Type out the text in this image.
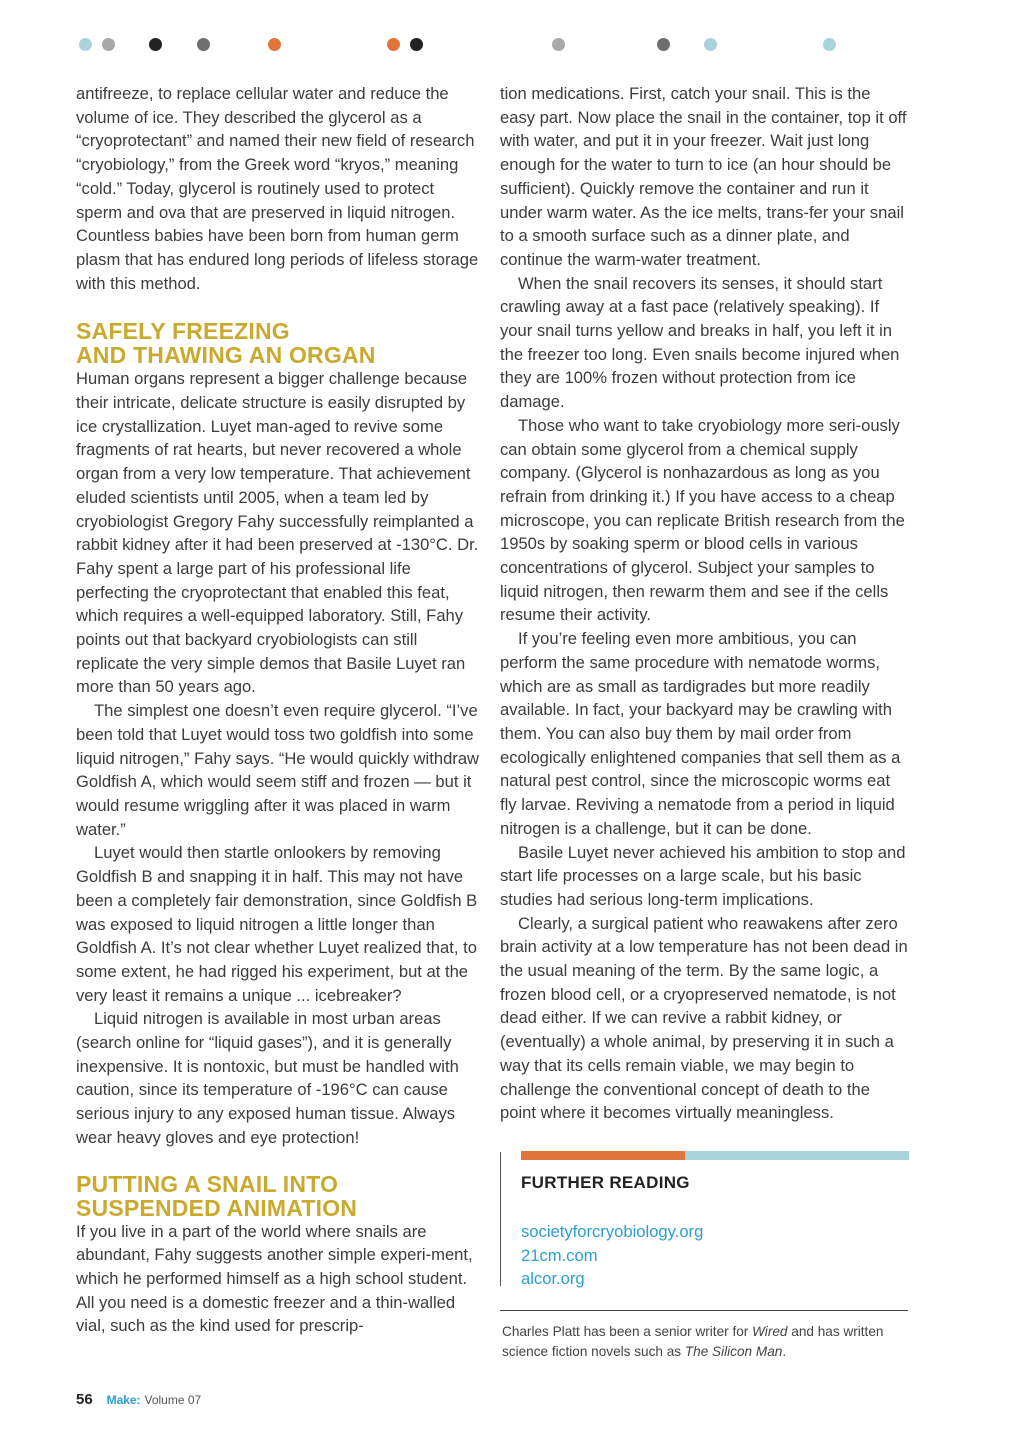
antifreeze, to replace cellular water and reduce the volume of ice. They described the glycerol as a “cryoprotectant” and named their new field of research “cryobiology,” from the Greek word “kryos,” meaning “cold.” Today, glycerol is routinely used to protect sperm and ova that are preserved in liquid nitrogen. Countless babies have been born from human germ plasm that has endured long periods of lifeless storage with this method.

SAFELY FREEZING
AND THAWING AN ORGAN

Human organs represent a bigger challenge because their intricate, delicate structure is easily disrupted by ice crystallization. Luyet man-aged to revive some fragments of rat hearts, but never recovered a whole organ from a very low temperature. That achievement eluded scientists until 2005, when a team led by cryobiologist Gregory Fahy successfully reimplanted a rabbit kidney after it had been preserved at -130°C. Dr. Fahy spent a large part of his professional life perfecting the cryoprotectant that enabled this feat, which requires a well-equipped laboratory. Still, Fahy points out that backyard cryobiologists can still replicate the very simple demos that Basile Luyet ran more than 50 years ago.

The simplest one doesn’t even require glycerol. “I’ve been told that Luyet would toss two goldfish into some liquid nitrogen,” Fahy says. “He would quickly withdraw Goldfish A, which would seem stiff and frozen — but it would resume wriggling after it was placed in warm water.”

Luyet would then startle onlookers by removing Goldfish B and snapping it in half. This may not have been a completely fair demonstration, since Goldfish B was exposed to liquid nitrogen a little longer than Goldfish A. It’s not clear whether Luyet realized that, to some extent, he had rigged his experiment, but at the very least it remains a unique ... icebreaker?

Liquid nitrogen is available in most urban areas (search online for “liquid gases”), and it is generally inexpensive. It is nontoxic, but must be handled with caution, since its temperature of -196°C can cause serious injury to any exposed human tissue. Always wear heavy gloves and eye protection!

PUTTING A SNAIL INTO
SUSPENDED ANIMATION

If you live in a part of the world where snails are abundant, Fahy suggests another simple experi-ment, which he performed himself as a high school student. All you need is a domestic freezer and a thin-walled vial, such as the kind used for prescrip-

tion medications. First, catch your snail. This is the easy part. Now place the snail in the container, top it off with water, and put it in your freezer. Wait just long enough for the water to turn to ice (an hour should be sufficient). Quickly remove the container and run it under warm water. As the ice melts, trans-fer your snail to a smooth surface such as a dinner plate, and continue the warm-water treatment.

When the snail recovers its senses, it should start crawling away at a fast pace (relatively speaking). If your snail turns yellow and breaks in half, you left it in the freezer too long. Even snails become injured when they are 100% frozen without protection from ice damage.

Those who want to take cryobiology more seri-ously can obtain some glycerol from a chemical supply company. (Glycerol is nonhazardous as long as you refrain from drinking it.) If you have access to a cheap microscope, you can replicate British research from the 1950s by soaking sperm or blood cells in various concentrations of glycerol. Subject your samples to liquid nitrogen, then rewarm them and see if the cells resume their activity.

If you’re feeling even more ambitious, you can perform the same procedure with nematode worms, which are as small as tardigrades but more readily available. In fact, your backyard may be crawling with them. You can also buy them by mail order from ecologically enlightened companies that sell them as a natural pest control, since the microscopic worms eat fly larvae. Reviving a nematode from a period in liquid nitrogen is a challenge, but it can be done.

Basile Luyet never achieved his ambition to stop and start life processes on a large scale, but his basic studies had serious long-term implications.

Clearly, a surgical patient who reawakens after zero brain activity at a low temperature has not been dead in the usual meaning of the term. By the same logic, a frozen blood cell, or a cryopreserved nematode, is not dead either. If we can revive a rabbit kidney, or (eventually) a whole animal, by preserving it in such a way that its cells remain viable, we may begin to challenge the conventional concept of death to the point where it becomes virtually meaningless.

FURTHER READING
societyforcryobiology.org
21cm.com
alcor.org
Charles Platt has been a senior writer for Wired and has written science fiction novels such as The Silicon Man.
56 Make: Volume 07
